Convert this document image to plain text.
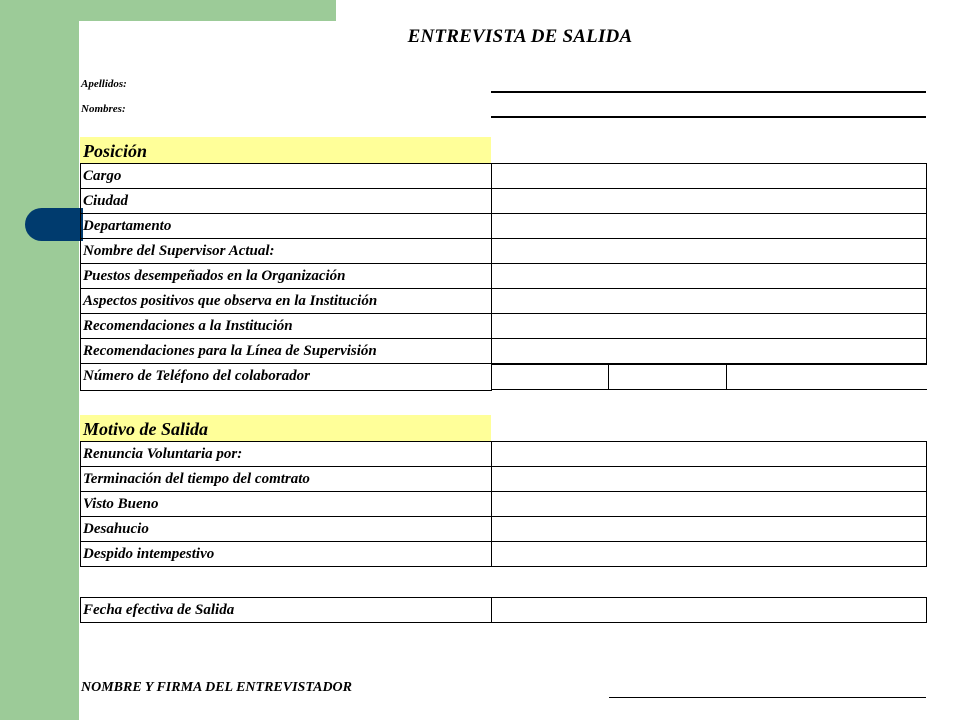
ENTREVISTA DE SALIDA
Apellidos:
Nombres:
Posición
Cargo	
Ciudad	
Departamento	
Nombre del Supervisor Actual:	
Puestos desempeñados en la Organización	
Aspectos positivos que observa en la Institución	
Recomendaciones a la Institución	
Recomendaciones para la Línea de Supervisión	
Número de Teléfono del colaborador	
Motivo de Salida
Renuncia Voluntaria por:	
Terminación del tiempo del comtrato	
Visto Bueno	
Desahucio	
Despido intempestivo	
Fecha efectiva de Salida	
NOMBRE Y FIRMA DEL ENTREVISTADOR
